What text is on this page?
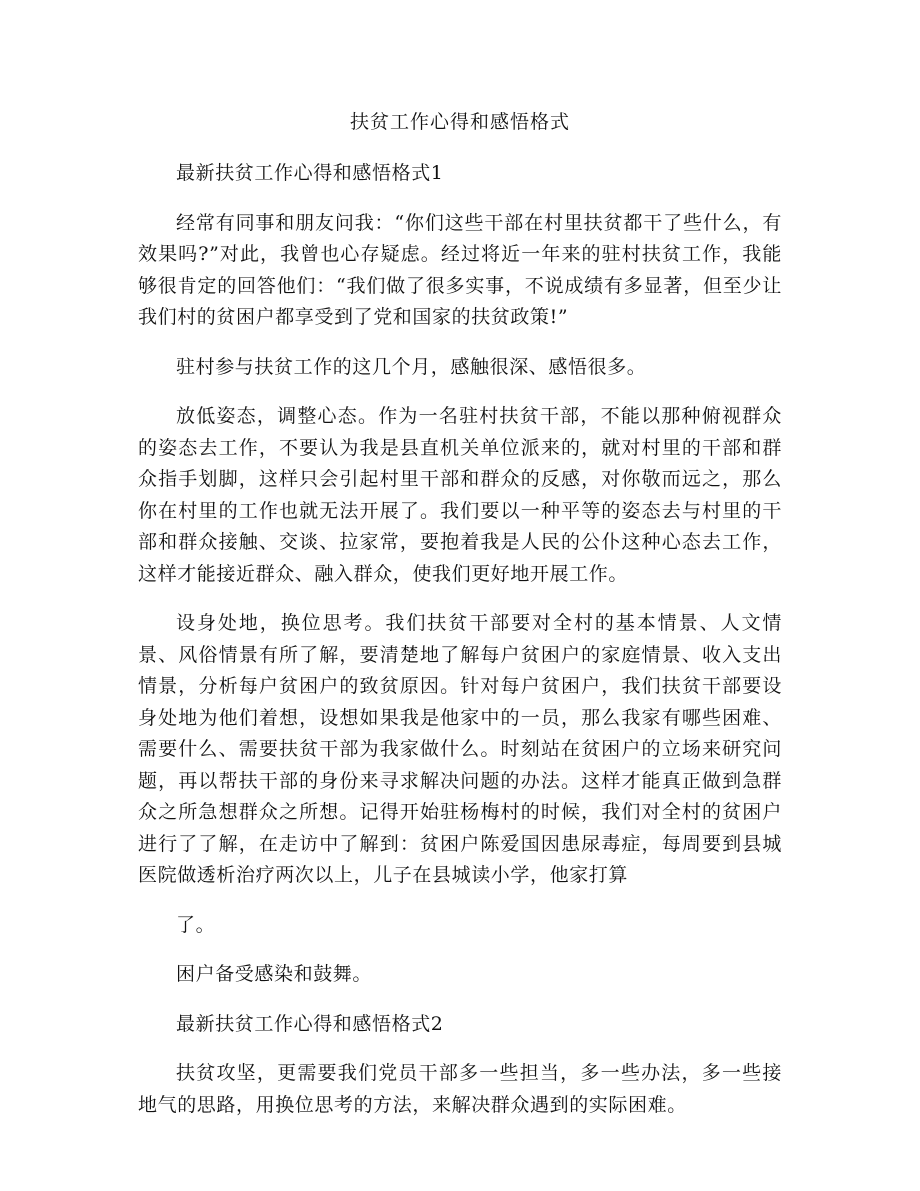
扶贫工作心得和感悟格式
最新扶贫工作心得和感悟格式1

经常有同事和朋友问我：“你们这些干部在村里扶贫都干了些什么，有效果吗?”对此，我曾也心存疑虑。经过将近一年来的驻村扶贫工作，我能够很肯定的回答他们：“我们做了很多实事，不说成绩有多显著，但至少让我们村的贫困户都享受到了党和国家的扶贫政策!”

驻村参与扶贫工作的这几个月，感触很深、感悟很多。

放低姿态，调整心态。作为一名驻村扶贫干部，不能以那种俯视群众的姿态去工作，不要认为我是县直机关单位派来的，就对村里的干部和群众指手划脚，这样只会引起村里干部和群众的反感，对你敬而远之，那么你在村里的工作也就无法开展了。我们要以一种平等的姿态去与村里的干部和群众接触、交谈、拉家常，要抱着我是人民的公仆这种心态去工作，这样才能接近群众、融入群众，使我们更好地开展工作。

设身处地，换位思考。我们扶贫干部要对全村的基本情景、人文情景、风俗情景有所了解，要清楚地了解每户贫困户的家庭情景、收入支出情景，分析每户贫困户的致贫原因。针对每户贫困户，我们扶贫干部要设身处地为他们着想，设想如果我是他家中的一员，那么我家有哪些困难、需要什么、需要扶贫干部为我家做什么。时刻站在贫困户的立场来研究问题，再以帮扶干部的身份来寻求解决问题的办法。这样才能真正做到急群众之所急想群众之所想。记得开始驻杨梅村的时候，我们对全村的贫困户进行了了解，在走访中了解到：贫困户陈爱国因患尿毒症，每周要到县城医院做透析治疗两次以上，儿子在县城读小学，他家打算

了。

困户备受感染和鼓舞。

最新扶贫工作心得和感悟格式2

扶贫攻坚，更需要我们党员干部多一些担当，多一些办法，多一些接地气的思路，用换位思考的方法，来解决群众遇到的实际困难。
